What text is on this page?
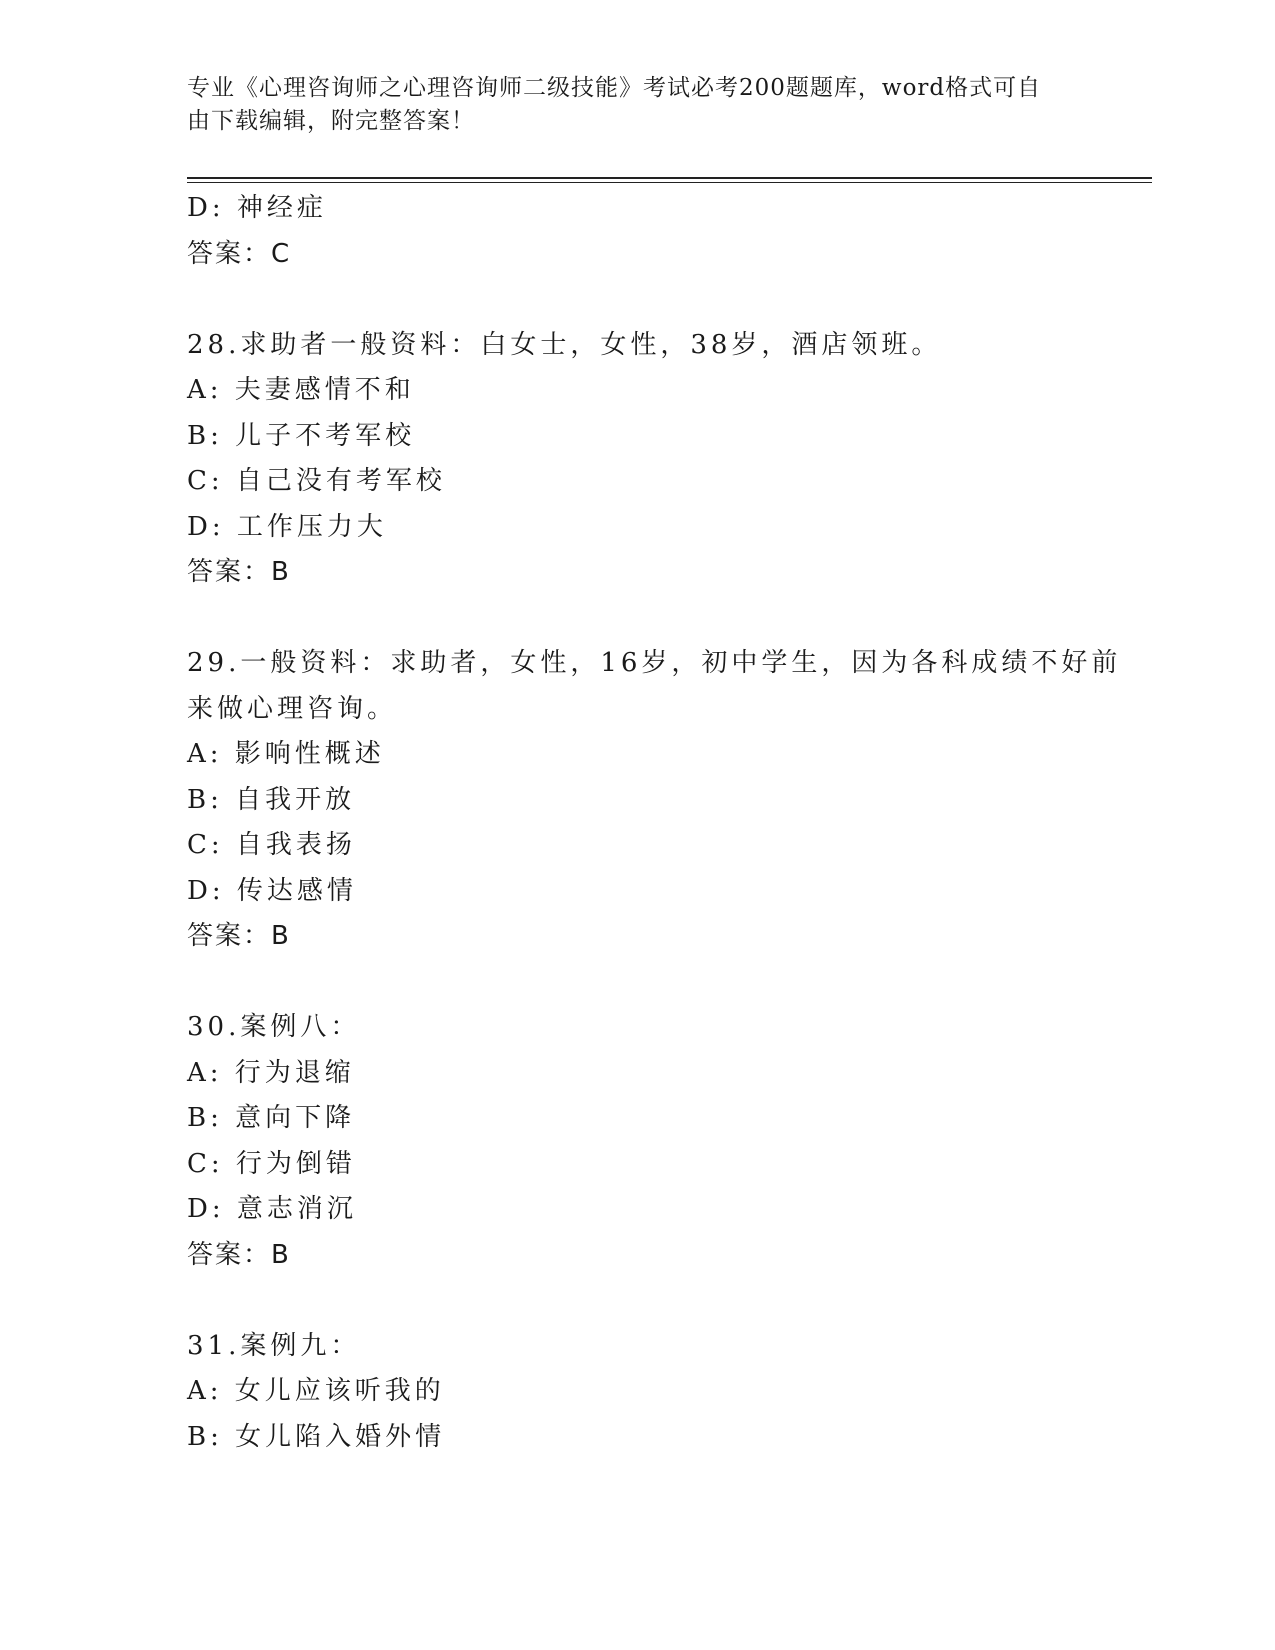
专业《心理咨询师之心理咨询师二级技能》考试必考200题题库，word格式可自
由下载编辑，附完整答案！
D: 神经症
答案：C
28.求助者一般资料：白女士，女性，38岁，酒店领班。
A: 夫妻感情不和
B: 儿子不考军校
C: 自己没有考军校
D: 工作压力大
答案：B
29.一般资料：求助者，女性，16岁，初中学生，因为各科成绩不好前
来做心理咨询。
A: 影响性概述
B: 自我开放
C: 自我表扬
D: 传达感情
答案：B
30.案例八：
A: 行为退缩
B: 意向下降
C: 行为倒错
D: 意志消沉
答案：B
31.案例九：
A: 女儿应该听我的
B: 女儿陷入婚外情
